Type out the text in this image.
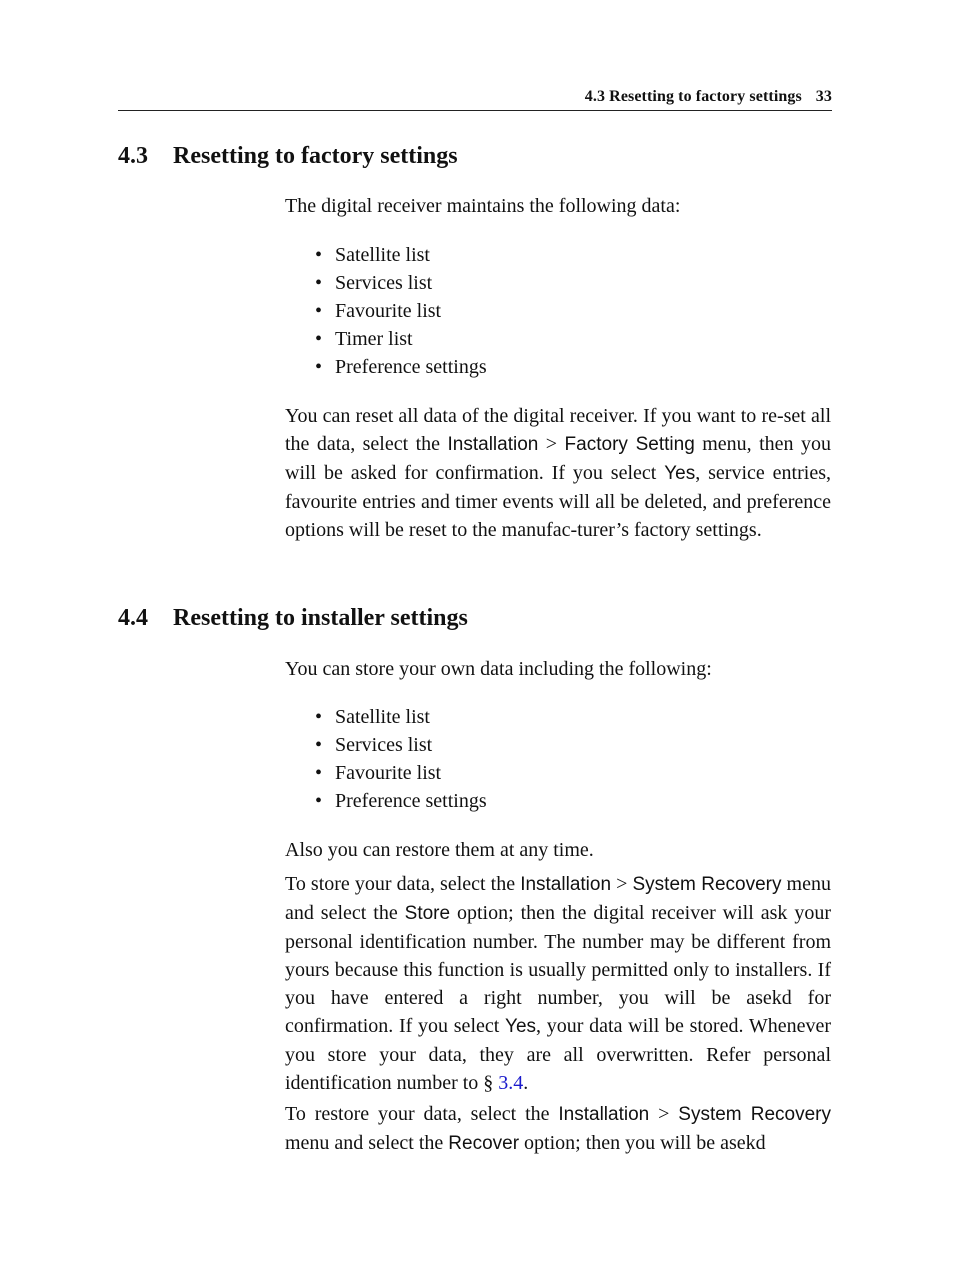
4.3 Resetting to factory settings 33
4.3 Resetting to factory settings

The digital receiver maintains the following data:

• Satellite list
• Services list
• Favourite list
• Timer list
• Preference settings

You can reset all data of the digital receiver. If you want to re-set all the data, select the Installation > Factory Setting menu, then you will be asked for confirmation. If you select Yes, service entries, favourite entries and timer events will all be deleted, and preference options will be reset to the manufac-turer’s factory settings.

4.4 Resetting to installer settings

You can store your own data including the following:

• Satellite list
• Services list
• Favourite list
• Preference settings

Also you can restore them at any time.

To store your data, select the Installation > System Recovery menu and select the Store option; then the digital receiver will ask your personal identification number. The number may be different from yours because this function is usually permitted only to installers. If you have entered a right number, you will be asekd for confirmation. If you select Yes, your data will be stored. Whenever you store your data, they are all overwritten. Refer personal identification number to § 3.4.

To restore your data, select the Installation > System Recovery menu and select the Recover option; then you will be asekd
